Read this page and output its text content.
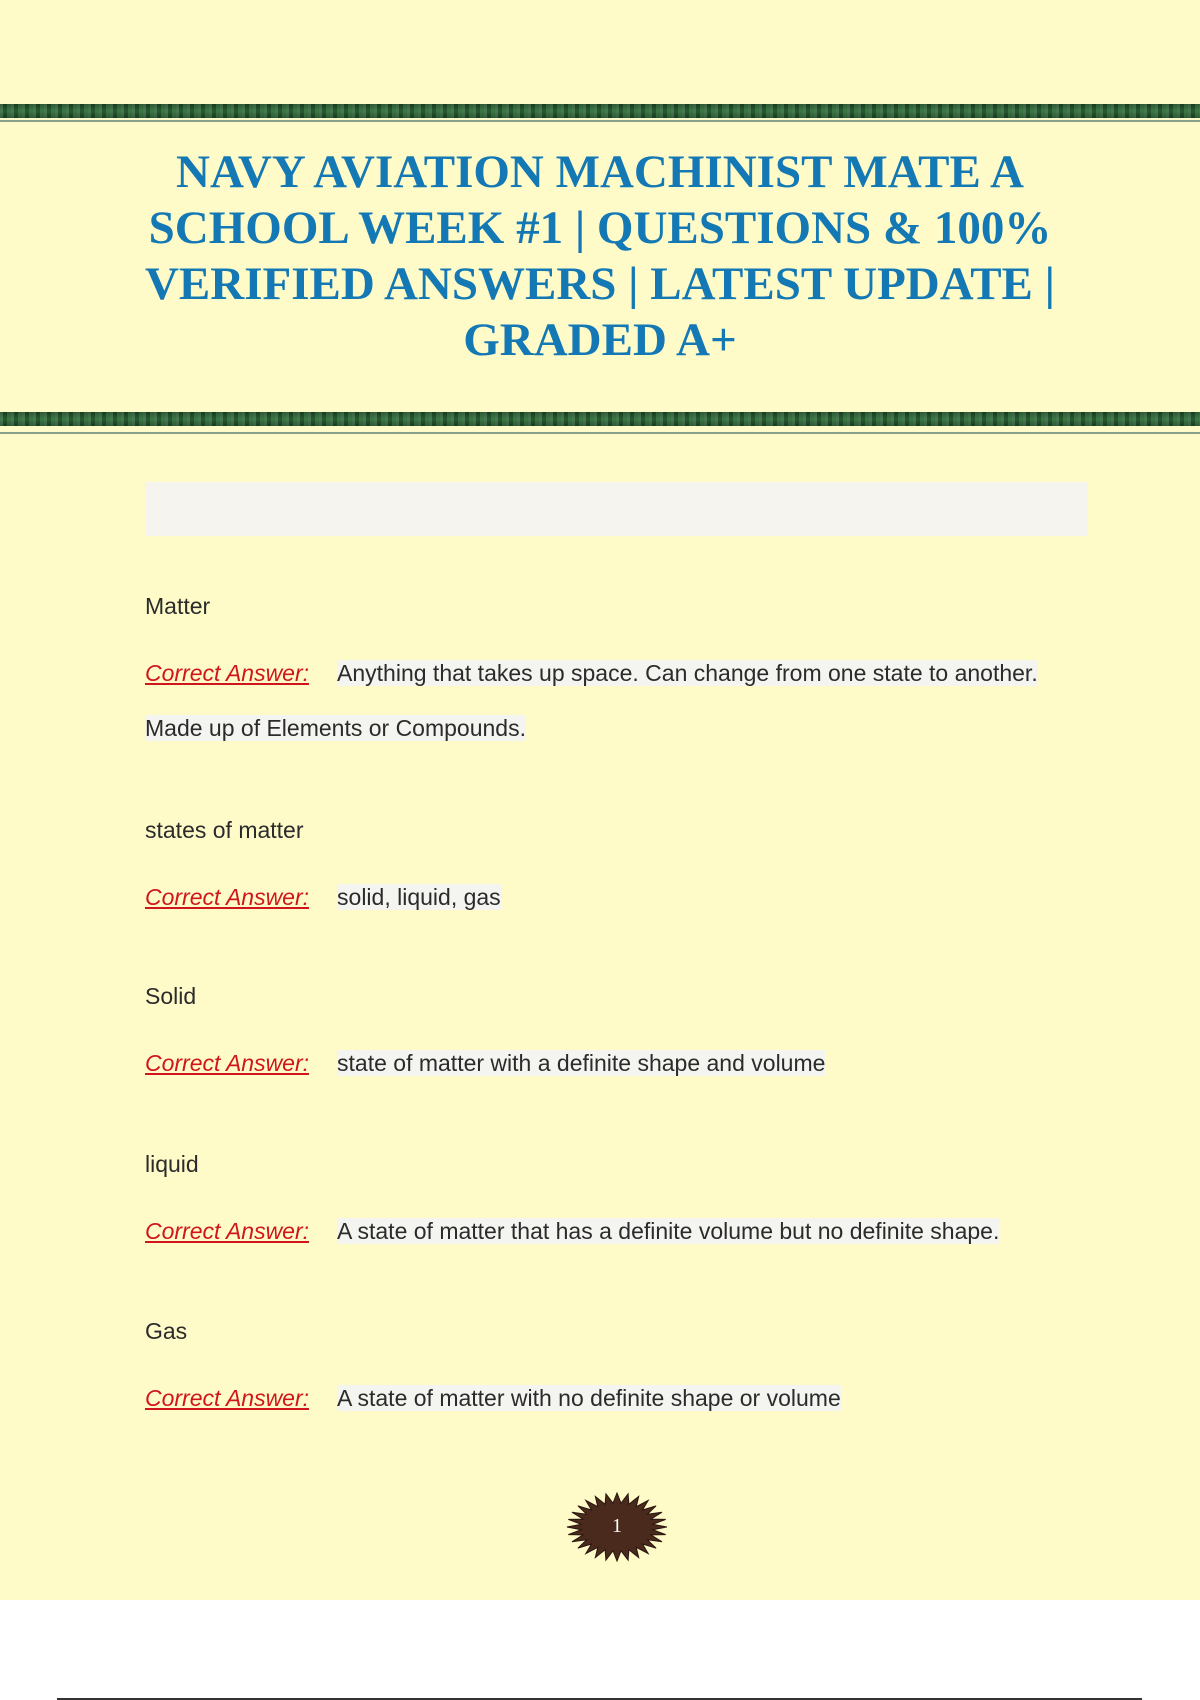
NAVY AVIATION MACHINIST MATE A SCHOOL WEEK #1 | QUESTIONS & 100% VERIFIED ANSWERS | LATEST UPDATE | GRADED A+

Matter

Correct Answer: Anything that takes up space. Can change from one state to another. Made up of Elements or Compounds.

states of matter

Correct Answer: solid, liquid, gas

Solid

Correct Answer: state of matter with a definite shape and volume

liquid

Correct Answer: A state of matter that has a definite volume but no definite shape.

Gas

Correct Answer: A state of matter with no definite shape or volume

1
